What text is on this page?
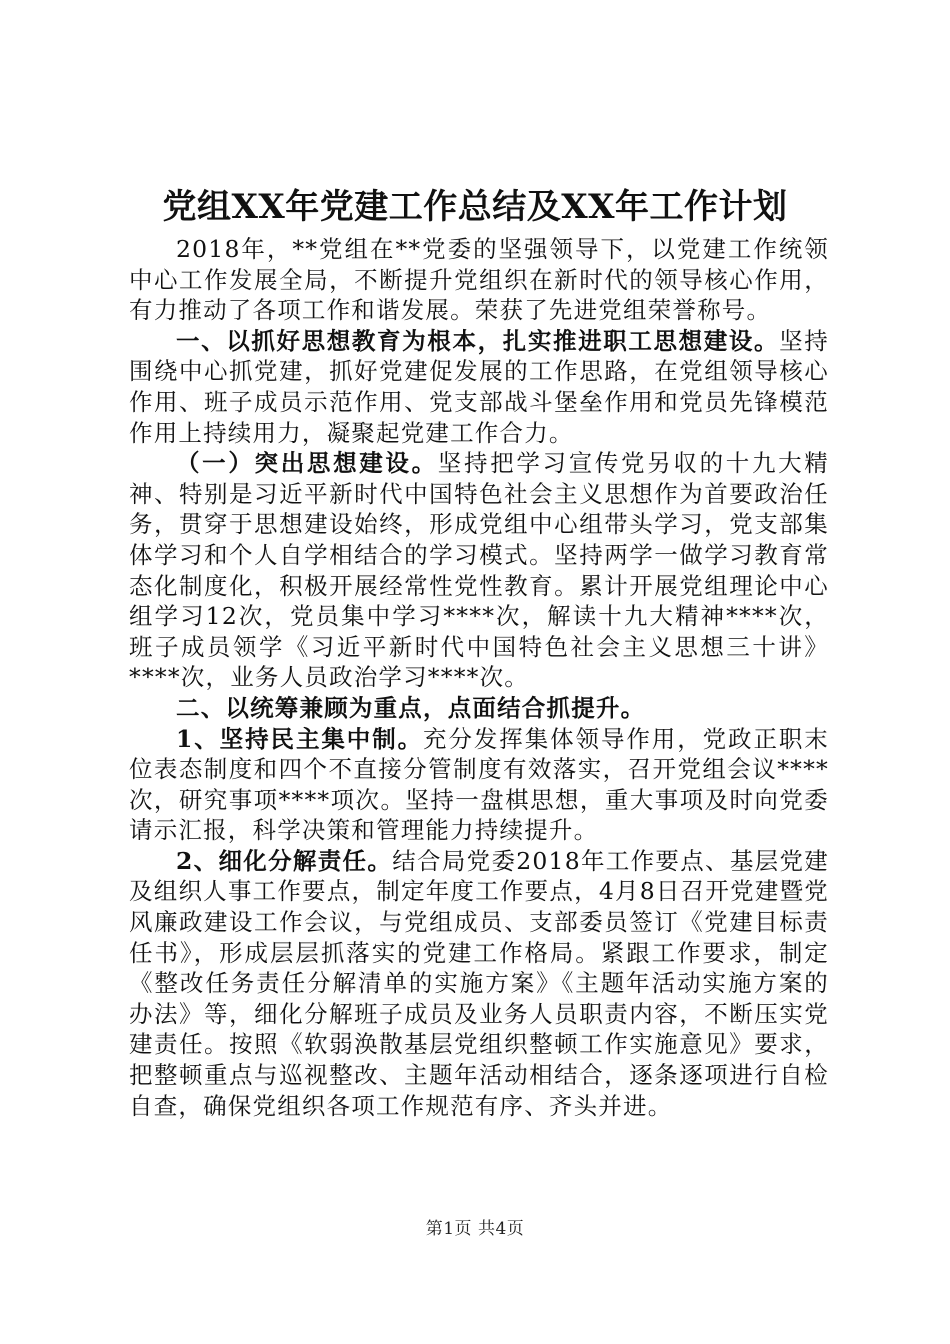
党组XX年党建工作总结及XX年工作计划

2018年，**党组在**党委的坚强领导下，以党建工作统领中心工作发展全局，不断提升党组织在新时代的领导核心作用，有力推动了各项工作和谐发展。荣获了先进党组荣誉称号。

一、以抓好思想教育为根本，扎实推进职工思想建设。坚持围绕中心抓党建，抓好党建促发展的工作思路，在党组领导核心作用、班子成员示范作用、党支部战斗堡垒作用和党员先锋模范作用上持续用力，凝聚起党建工作合力。

（一）突出思想建设。坚持把学习宣传党另収的十九大精神、特别是习近平新时代中国特色社会主义思想作为首要政治任务，贯穿于思想建设始终，形成党组中心组带头学习，党支部集体学习和个人自学相结合的学习模式。坚持两学一做学习教育常态化制度化，积极开展经常性党性教育。累计开展党组理论中心组学习12次，党员集中学习****次，解读十九大精神****次，班子成员领学《习近平新时代中国特色社会主义思想三十讲》****次，业务人员政治学习****次。

二、以统筹兼顾为重点，点面结合抓提升。

1、坚持民主集中制。充分发挥集体领导作用，党政正职末位表态制度和四个不直接分管制度有效落实，召开党组会议****次，研究事项****项次。坚持一盘棋思想，重大事项及时向党委请示汇报，科学决策和管理能力持续提升。

2、细化分解责任。结合局党委2018年工作要点、基层党建及组织人事工作要点，制定年度工作要点，4月8日召开党建暨党风廉政建设工作会议，与党组成员、支部委员签订《党建目标责任书》，形成层层抓落实的党建工作格局。紧跟工作要求，制定《整改任务责任分解清单的实施方案》《主题年活动实施方案的办法》等，细化分解班子成员及业务人员职责内容，不断压实党建责任。按照《软弱涣散基层党组织整顿工作实施意见》要求，把整顿重点与巡视整改、主题年活动相结合，逐条逐项进行自检自查，确保党组织各项工作规范有序、齐头并进。

第1页 共4页
